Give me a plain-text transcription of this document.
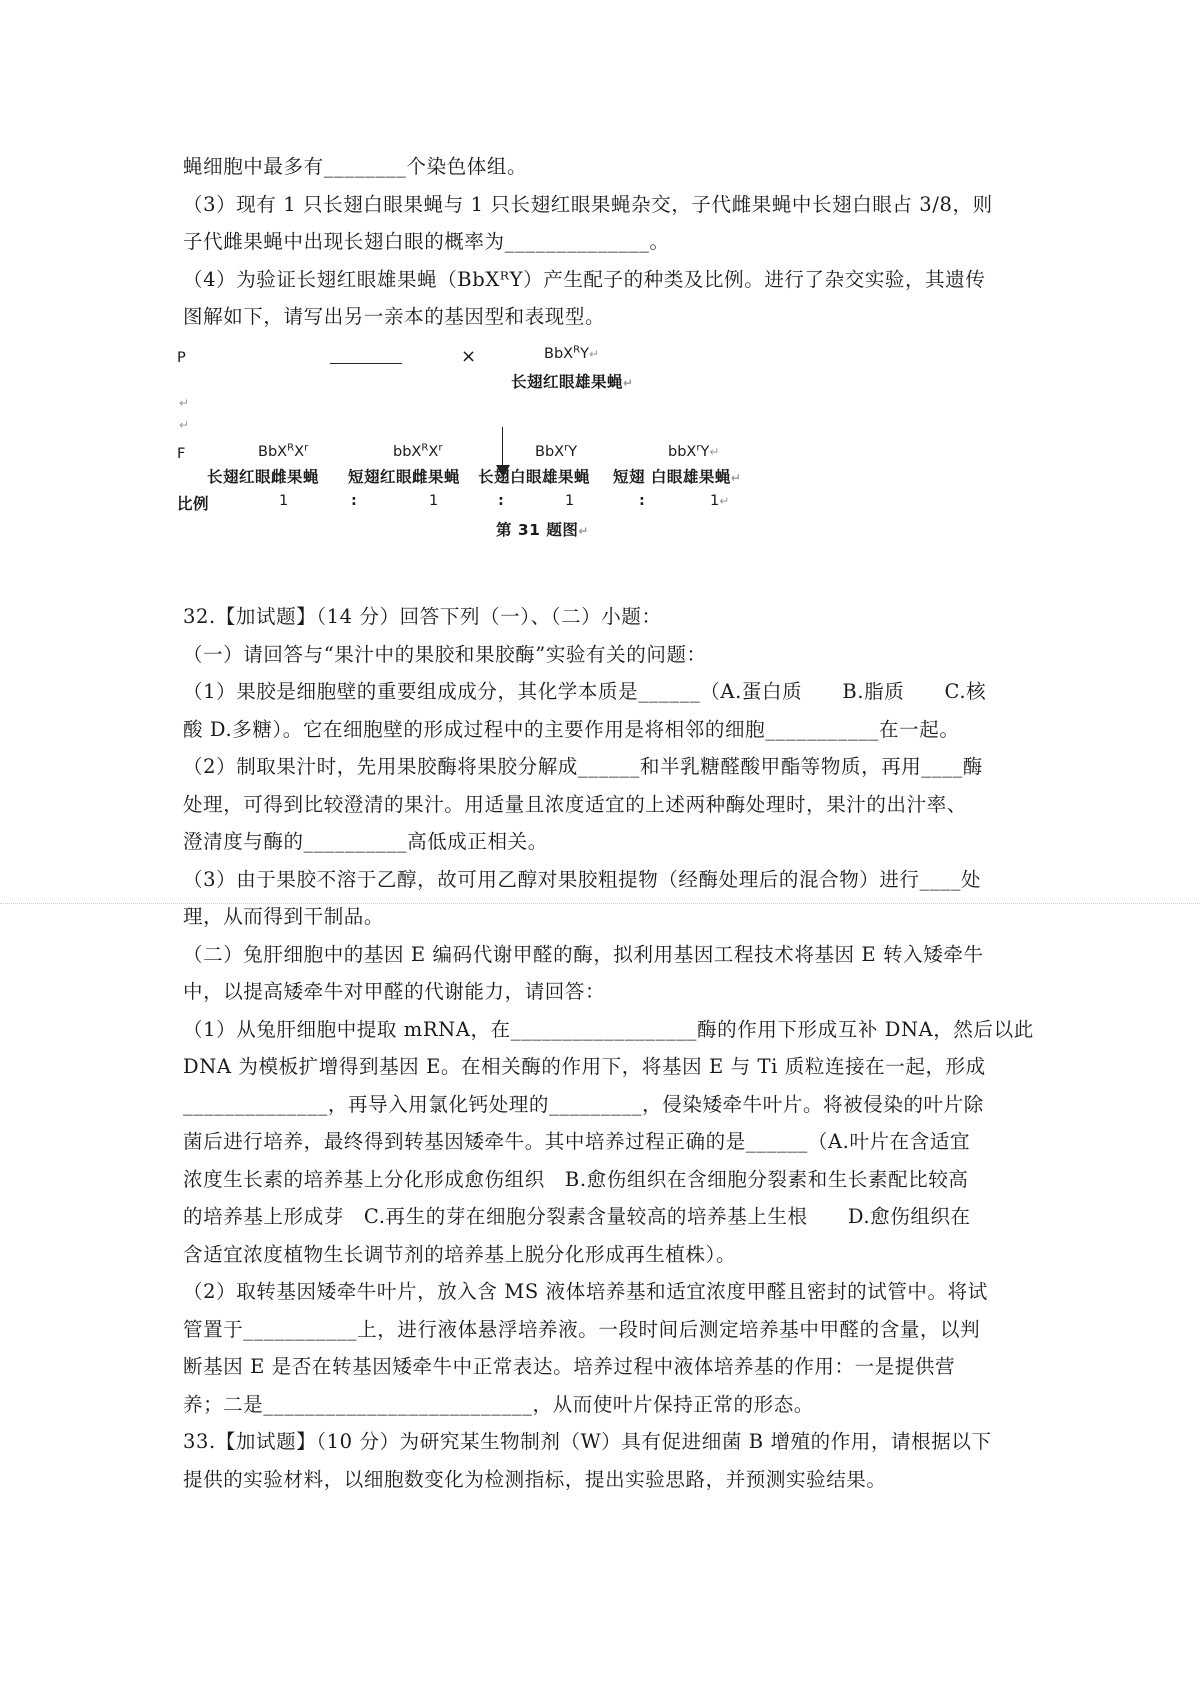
蝇细胞中最多有________个染色体组。
（3）现有 1 只长翅白眼果蝇与 1 只长翅红眼果蝇杂交，子代雌果蝇中长翅白眼占 3/8，则
子代雌果蝇中出现长翅白眼的概率为______________。
（4）为验证长翅红眼雄果蝇（BbXᴿY）产生配子的种类及比例。进行了杂交实验，其遗传
图解如下，请写出另一亲本的基因型和表现型。
P	×	BbX$^R$Y↵
长翅红眼雄果蝇↵
↵
↵
F	$BbX^RX^r$	$bbX^RX^r$	BbX$^r$Y	bbX$^r$Y↵
长翅红眼雌果蝇 短翅红眼雌果蝇 长翅白眼雄果蝇 短翅 白眼雄果蝇↵
比例	1	:	1	:	1	:	1↵
第 31 题图↵
32.【加试题】（14 分）回答下列（一）、（二）小题：
（一）请回答与“果汁中的果胶和果胶酶”实验有关的问题：
（1）果胶是细胞壁的重要组成成分，其化学本质是______（A.蛋白质　　B.脂质　　C.核
酸 D.多糖）。它在细胞壁的形成过程中的主要作用是将相邻的细胞___________在一起。
（2）制取果汁时，先用果胶酶将果胶分解成______和半乳糖醛酸甲酯等物质，再用____酶
处理，可得到比较澄清的果汁。用适量且浓度适宜的上述两种酶处理时，果汁的出汁率、
澄清度与酶的__________高低成正相关。
（3）由于果胶不溶于乙醇，故可用乙醇对果胶粗提物（经酶处理后的混合物）进行____处
理，从而得到干制品。
（二）兔肝细胞中的基因 E 编码代谢甲醛的酶，拟利用基因工程技术将基因 E 转入矮牵牛
中，以提高矮牵牛对甲醛的代谢能力，请回答：
（1）从兔肝细胞中提取 mRNA，在__________________酶的作用下形成互补 DNA，然后以此
DNA 为模板扩增得到基因 E。在相关酶的作用下，将基因 E 与 Ti 质粒连接在一起，形成
______________，再导入用氯化钙处理的_________，侵染矮牵牛叶片。将被侵染的叶片除
菌后进行培养，最终得到转基因矮牵牛。其中培养过程正确的是______（A.叶片在含适宜
浓度生长素的培养基上分化形成愈伤组织　B.愈伤组织在含细胞分裂素和生长素配比较高
的培养基上形成芽　C.再生的芽在细胞分裂素含量较高的培养基上生根　　D.愈伤组织在
含适宜浓度植物生长调节剂的培养基上脱分化形成再生植株）。
（2）取转基因矮牵牛叶片，放入含 MS 液体培养基和适宜浓度甲醛且密封的试管中。将试
管置于___________上，进行液体悬浮培养液。一段时间后测定培养基中甲醛的含量，以判
断基因 E 是否在转基因矮牵牛中正常表达。培养过程中液体培养基的作用：一是提供营
养；二是__________________________，从而使叶片保持正常的形态。
33.【加试题】（10 分）为研究某生物制剂（W）具有促进细菌 B 增殖的作用，请根据以下
提供的实验材料，以细胞数变化为检测指标，提出实验思路，并预测实验结果。
